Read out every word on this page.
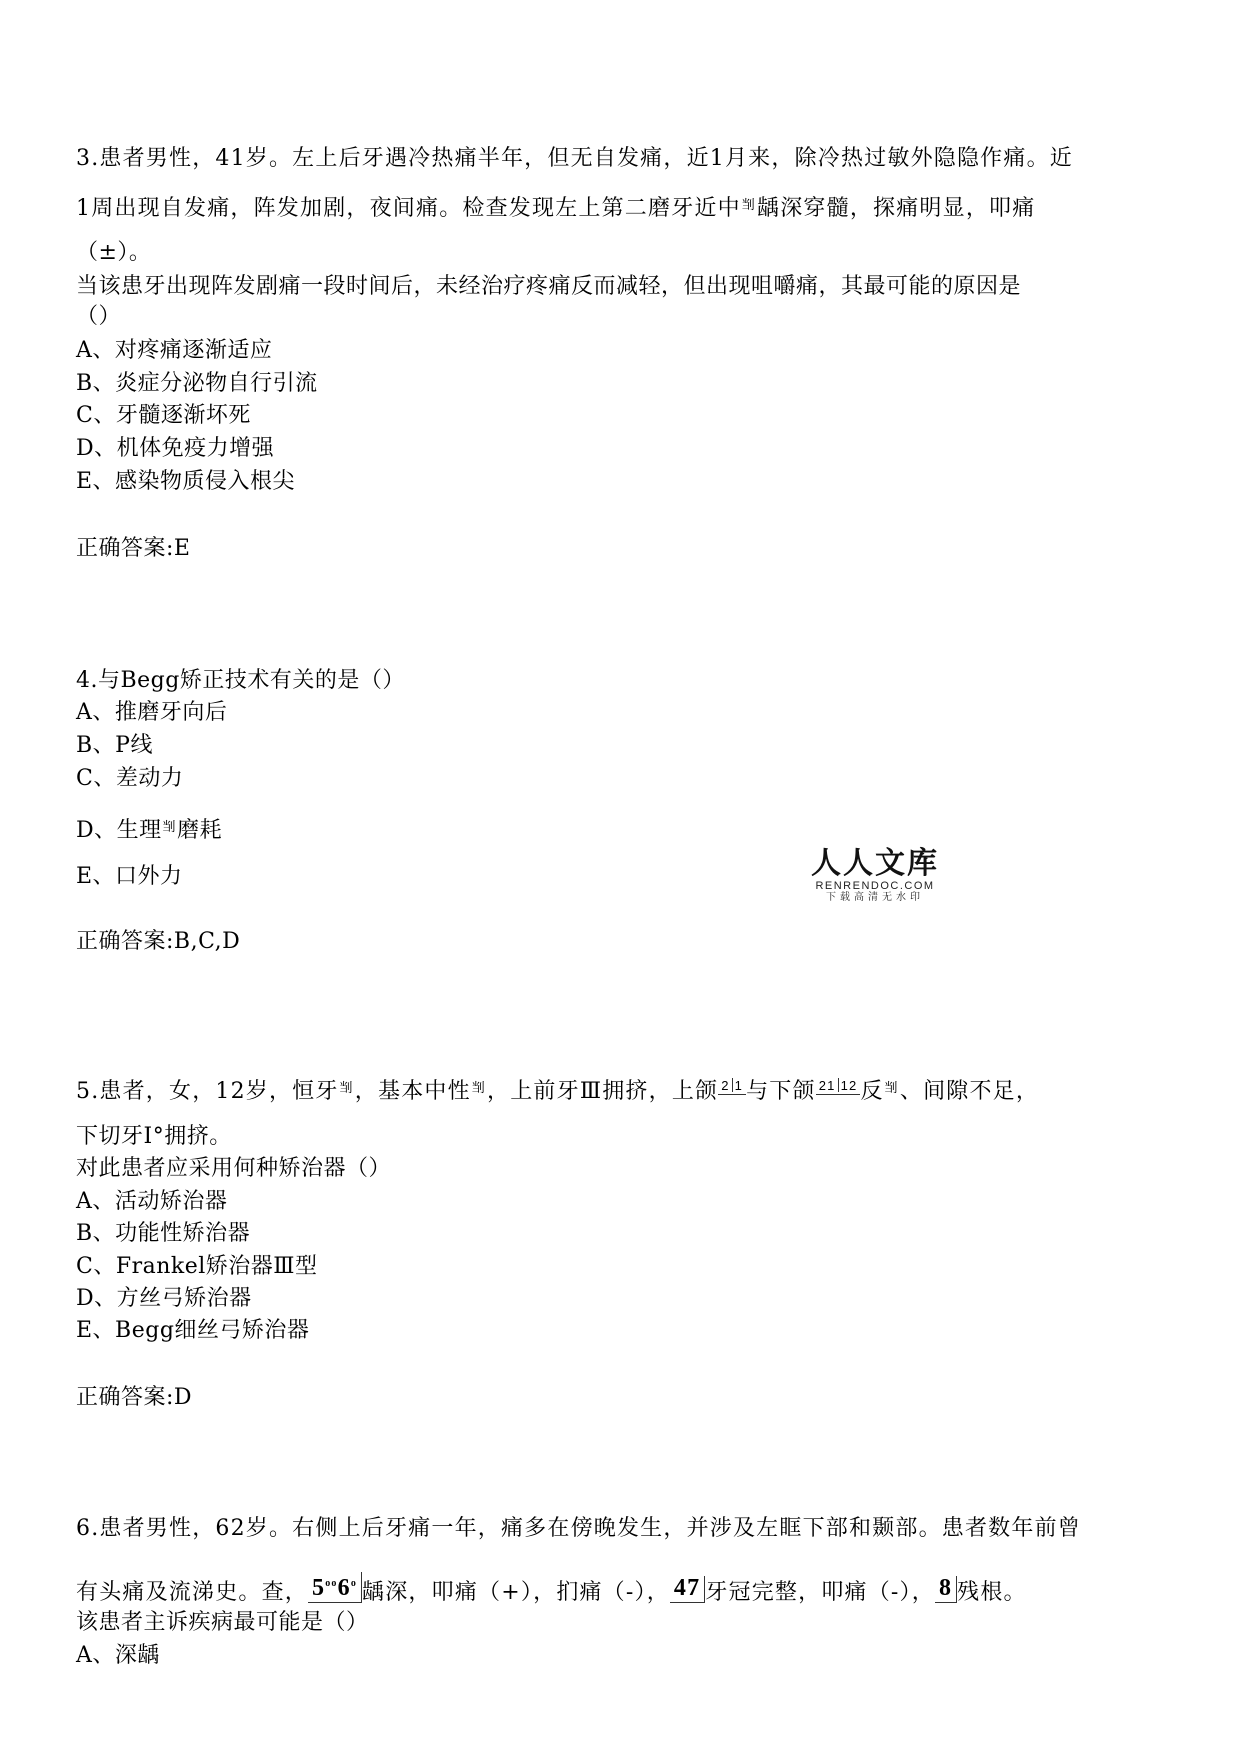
3.患者男性，41岁。左上后牙遇冷热痛半年，但无自发痛，近1月来，除冷热过敏外隐隐作痛。近
1周出现自发痛，阵发加剧，夜间痛。检查发现左上第二磨牙近中㓥龋深穿髓，探痛明显，叩痛
（±）。
当该患牙出现阵发剧痛一段时间后，未经治疗疼痛反而减轻，但出现咀嚼痛，其最可能的原因是
（）
A、对疼痛逐渐适应
B、炎症分泌物自行引流
C、牙髓逐渐坏死
D、机体免疫力增强
E、感染物质侵入根尖
正确答案:E
4.与Begg矫正技术有关的是（）
A、推磨牙向后
B、P线
C、差动力
D、生理㓥磨耗
E、口外力
正确答案:B,C,D
人人文库
RENRENDOC.COM
下载高清无水印
5.患者，女，12岁，恒牙㓥，基本中性㓥，上前牙Ⅲ拥挤，上颌 2 1 与下颌 21 12 反㓥、间隙不足，
下切牙Ⅰ°拥挤。
对此患者应采用何种矫治器（）
A、活动矫治器
B、功能性矫治器
C、Frankel矫治器Ⅲ型
D、方丝弓矫治器
E、Begg细丝弓矫治器
正确答案:D
6.患者男性，62岁。右侧上后牙痛一年，痛多在傍晚发生，并涉及左眶下部和颞部。患者数年前曾
有头痛及流涕史。查， $5^{oo}6^o$ 龋深，叩痛（+），扪痛（-）， 47 牙冠完整，叩痛（-）， 8 残根。
该患者主诉疾病最可能是（）
A、深龋
